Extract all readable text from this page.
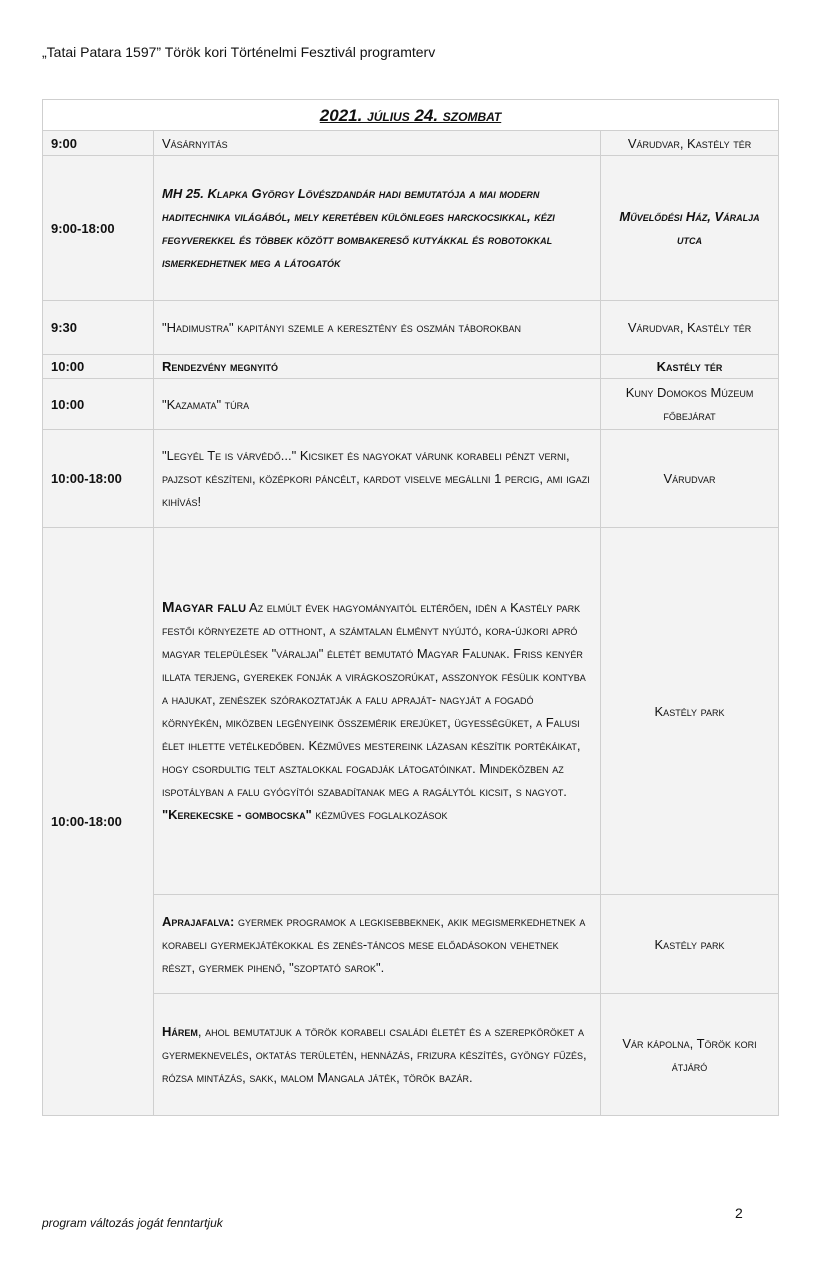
„Tatai Patara 1597” Török kori Történelmi Fesztivál programterv
2021. július 24. szombat		
9:00	Vásárnyitás	Várudvar, Kastély tér
9:00-18:00	MH 25. Klapka György Lövészdandár hadi bemutatója a mai modern haditechnika világából, mely keretében különleges harckocsikkal, kézi fegyverekkel és többek között bombakereső kutyákkal és robotokkal ismerkedhetnek meg a látogatók	Művelődési Ház, Váralja utca
9:30	"Hadimustra" kapitányi szemle a keresztény és oszmán táborokban	Várudvar, Kastély tér
10:00	Rendezvény megnyitó	Kastély tér
10:00	"Kazamata" túra	Kuny Domokos Múzeum főbejárat
10:00-18:00	"Legyél Te is várvédő..." Kicsiket és nagyokat várunk korabeli pénzt verni, pajzsot készíteni, középkori páncélt, kardot viselve megállni 1 percig, ami igazi kihívás!	Várudvar
10:00-18:00	Magyar falu Az elmúlt évek hagyományaitól eltérően, idén a Kastély park festői környezete ad otthont, a számtalan élményt nyújtó, kora-újkori apró magyar települések "váraljai" életét bemutató Magyar Falunak. Friss kenyér illata terjeng, gyerekek fonják a virágkoszorúkat, asszonyok fésülik kontyba a hajukat, zenészek szórakoztatják a falu apraját- nagyját a fogadó környékén, miközben legényeink összemérik erejüket, ügyességüket, a Falusi élet ihlette vetélkedőben. Kézműves mestereink lázasan készítik portékáikat, hogy csordultig telt asztalokkal fogadják látogatóinkat. Mindeközben az ispotályban a falu gyógyítói szabadítanak meg a ragálytól kicsit, s nagyot. "Kerekecske - gombocska" kézműves foglalkozások	Kastély park
	Aprajafalva: gyermek programok a legkisebbeknek, akik megismerkedhetnek a korabeli gyermekjátékokkal és zenés-táncos mese előadásokon vehetnek részt, gyermek pihenő, "szoptató sarok".	Kastély park
	Hárem, ahol bemutatjuk a török korabeli családi életét és a szerepköröket a gyermeknevelés, oktatás területén, hennázás, frizura készítés, gyöngy fűzés, rózsa mintázás, sakk, malom Mangala játék, török bazár.	Vár kápolna, Török kori átjáró
2
program változás jogát fenntartjuk
